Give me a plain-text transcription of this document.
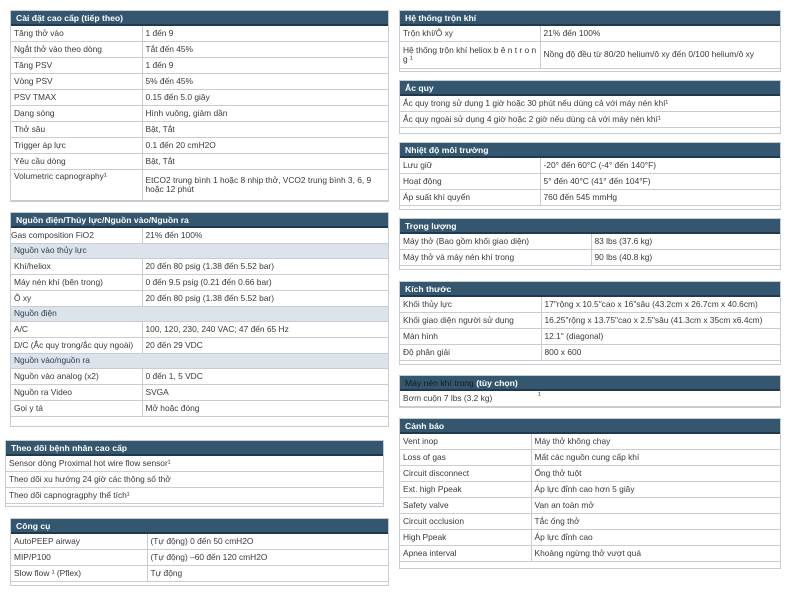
Cài đặt cao cấp (tiếp theo)
Tăng thở vào	1 đến 9
Ngắt thở vào theo dòng	Tắt đến 45%
Tăng PSV	1 đến 9
Vòng PSV	5% đến 45%
PSV TMAX	0.15 đến 5.0 giây
Dạng sóng	Hình vuông, giảm dần
Thở sâu	Bật, Tắt
Trigger áp lực	0.1 đến 20 cmH2O
Yêu cầu dòng	Bật, Tắt
Volumetric capnography¹	EtCO2 trung bình 1 hoặc 8 nhịp thở, VCO2 trung bình 3, 6, 9 hoặc 12 phút
Nguồn điện/Thủy lực/Nguồn vào/Nguồn ra
Gas composition FiO2	21% đến 100%
Nguồn vào thủy lực	
Khí/heliox	20 đến 80 psig (1.38 đến 5.52 bar)
Máy nén khí (bên trong)	0 đến 9.5 psig (0.21 đến 0.66 bar)
Ô xy	20 đến 80 psig (1.38 đến 5.52 bar)
Nguồn điện	
A/C	100, 120, 230, 240 VAC; 47 đến 65 Hz
D/C (Ắc quy trong/ắc quy ngoài)	20 đến 29 VDC
Nguồn vào/nguồn ra	
Nguồn vào analog (x2)	0 đến 1, 5 VDC
Nguồn ra Video	SVGA
Gọi y tá	Mở hoặc đóng
Theo dõi bệnh nhân cao cấp
Sensor dòng Proximal hot wire flow sensor¹
Theo dõi xu hướng 24 giờ các thông số thở
Theo dõi capnogragphy thể tích¹
Công cụ
AutoPEEP airway	(Tự động) 0 đến 50 cmH2O
MIP/P100	(Tự động) –60 đến 120 cmH2O
Slow flow ¹ (Pflex)	Tự động
Hệ thống trộn khí
Trộn khí/Ô xy	21% đến 100%
Hệ thống trộn khí heliox b ê n t r o n g ¹	Nồng độ đều từ 80/20 helium/ô xy đến 0/100 helium/ô xy
Ắc quy
Ắc quy trong sử dụng 1 giờ hoặc 30 phút nếu dùng cả với máy nén khí¹
Ắc quy ngoài sử dụng 4 giờ hoặc 2 giờ nếu dùng cả với máy nén khí¹
Nhiệt độ môi trường
Lưu giữ	-20° đến 60°C (-4° đến 140°F)
Hoạt động	5° đến 40°C (41° đến 104°F)
Áp suất khí quyển	760 đến 545 mmHg
Trọng lượng
Máy thở (Bao gồm khối giao diện)	83 lbs (37.6 kg)
Máy thở và máy nén khí trong	90 lbs (40.8 kg)
Kích thước
Khối thủy lực	17"rộng x 10.5"cao x 16"sâu (43.2cm x 26.7cm x 40.6cm)
Khối giao diện người sử dụng	16.25"rộng x 13.75"cao x 2.5"sâu (41.3cm x 35cm x6.4cm)
Màn hình	12.1" (diagonal)
Độ phân giải	800 x 600
Máy nén khí trong (tùy chọn)
Bơm cuộn 7 lbs (3.2 kg)	¹
Cảnh báo
Vent inop	Máy thở không chạy
Loss of gas	Mất các nguồn cung cấp khí
Circuit disconnect	Ống thở tuột
Ext. high Ppeak	Áp lực đỉnh cao hơn 5 giây
Safety valve	Van an toàn mở
Circuit occlusion	Tắc ống thở
High Ppeak	Áp lực đỉnh cao
Apnea interval	Khoảng ngừng thở vượt quá
